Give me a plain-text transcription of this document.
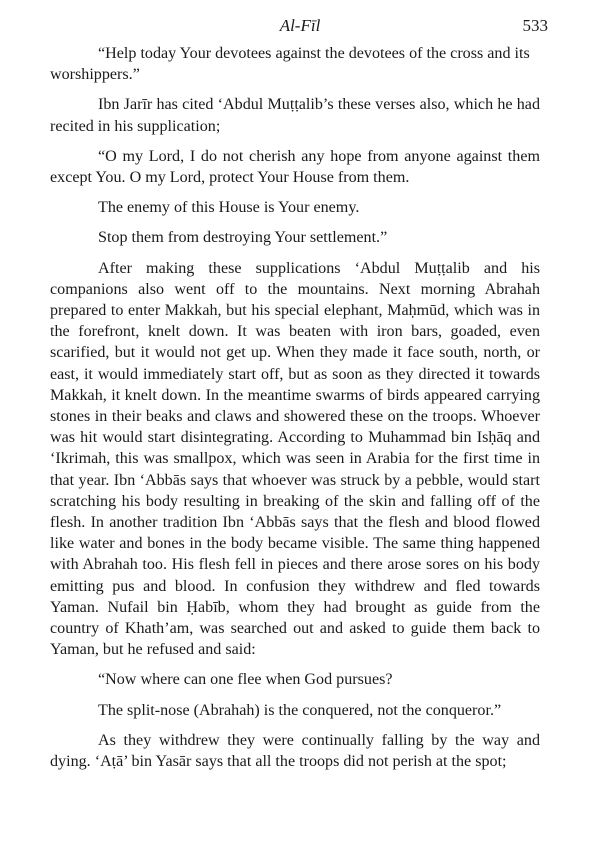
Al-Fīl	533

“Help today Your devotees against the devotees of the cross and its worshippers.”

Ibn Jarīr has cited ‘Abdul Muṭṭalib’s these verses also, which he had recited in his supplication;

“O my Lord, I do not cherish any hope from anyone against them except You. O my Lord, protect Your House from them.

The enemy of this House is Your enemy.

Stop them from destroying Your settlement.”

After making these supplications ‘Abdul Muṭṭalib and his companions also went off to the mountains. Next morning Abrahah prepared to enter Makkah, but his special elephant, Maḥmūd, which was in the forefront, knelt down. It was beaten with iron bars, goaded, even scarified, but it would not get up. When they made it face south, north, or east, it would immediately start off, but as soon as they directed it towards Makkah, it knelt down. In the meantime swarms of birds appeared carrying stones in their beaks and claws and showered these on the troops. Whoever was hit would start disintegrating. According to Muhammad bin Isḥāq and ‘Ikrimah, this was smallpox, which was seen in Arabia for the first time in that year. Ibn ‘Abbās says that whoever was struck by a pebble, would start scratching his body resulting in breaking of the skin and falling off of the flesh. In another tradition Ibn ‘Abbās says that the flesh and blood flowed like water and bones in the body became visible. The same thing happened with Abrahah too. His flesh fell in pieces and there arose sores on his body emitting pus and blood. In confusion they withdrew and fled towards Yaman. Nufail bin Ḥabīb, whom they had brought as guide from the country of Khath’am, was searched out and asked to guide them back to Yaman, but he refused and said:

“Now where can one flee when God pursues?

The split-nose (Abrahah) is the conquered, not the conqueror.”

As they withdrew they were continually falling by the way and dying. ‘Aṭā’ bin Yasār says that all the troops did not perish at the spot;
